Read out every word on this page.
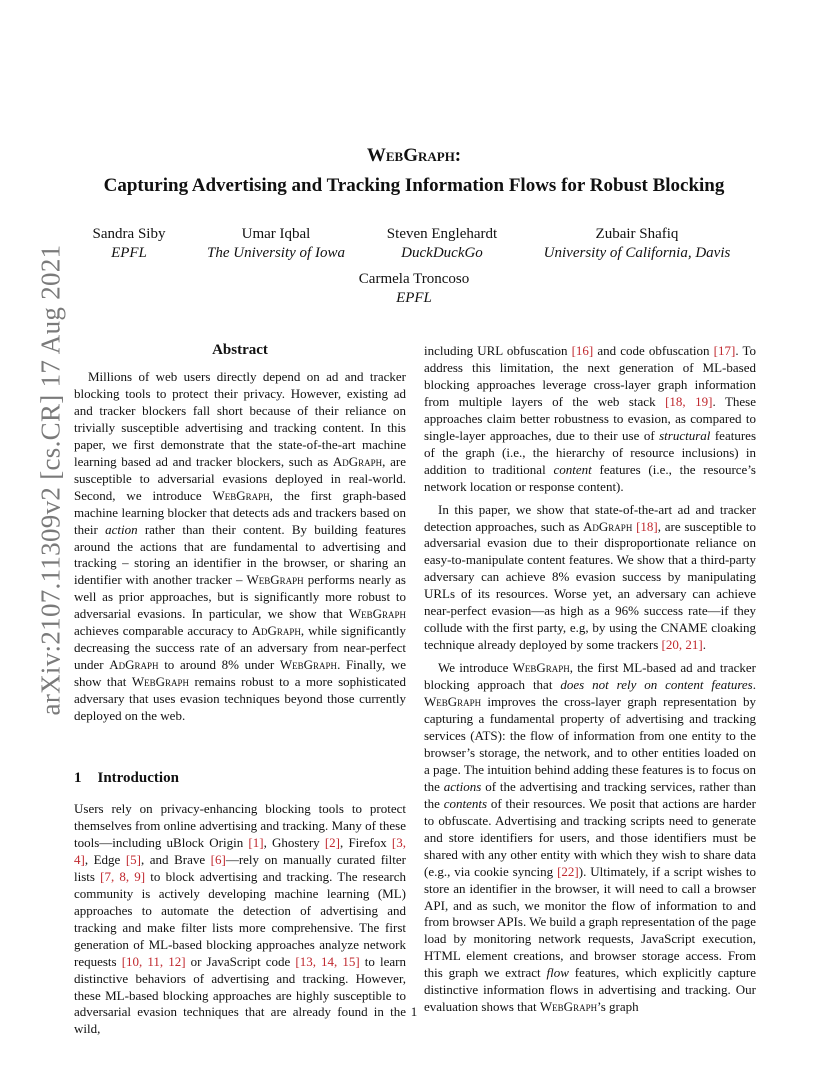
arXiv:2107.11309v2 [cs.CR] 17 Aug 2021
WebGraph:
Capturing Advertising and Tracking Information Flows for Robust Blocking
Sandra Siby
EPFL
Umar Iqbal
The University of Iowa
Steven Englehardt
DuckDuckGo
Zubair Shafiq
University of California, Davis
Carmela Troncoso
EPFL
Abstract

Millions of web users directly depend on ad and tracker blocking tools to protect their privacy. However, existing ad and tracker blockers fall short because of their reliance on trivially susceptible advertising and tracking content. In this paper, we first demonstrate that the state-of-the-art machine learning based ad and tracker blockers, such as AdGraph, are susceptible to adversarial evasions deployed in real-world. Second, we introduce WebGraph, the first graph-based machine learning blocker that detects ads and trackers based on their action rather than their content. By building features around the actions that are fundamental to advertising and tracking – storing an identifier in the browser, or sharing an identifier with another tracker – WebGraph performs nearly as well as prior approaches, but is significantly more robust to adversarial evasions. In particular, we show that WebGraph achieves comparable accuracy to AdGraph, while significantly decreasing the success rate of an adversary from near-perfect under AdGraph to around 8% under WebGraph. Finally, we show that WebGraph remains robust to a more sophisticated adversary that uses evasion techniques beyond those currently deployed on the web.

1 Introduction

Users rely on privacy-enhancing blocking tools to protect themselves from online advertising and tracking. Many of these tools—including uBlock Origin [1], Ghostery [2], Firefox [3, 4], Edge [5], and Brave [6]—rely on manually curated filter lists [7, 8, 9] to block advertising and tracking. The research community is actively developing machine learning (ML) approaches to automate the detection of advertising and tracking and make filter lists more comprehensive. The first generation of ML-based blocking approaches analyze network requests [10, 11, 12] or JavaScript code [13, 14, 15] to learn distinctive behaviors of advertising and tracking. However, these ML-based blocking approaches are highly susceptible to adversarial evasion techniques that are already found in the wild,

including URL obfuscation [16] and code obfuscation [17]. To address this limitation, the next generation of ML-based blocking approaches leverage cross-layer graph information from multiple layers of the web stack [18, 19]. These approaches claim better robustness to evasion, as compared to single-layer approaches, due to their use of structural features of the graph (i.e., the hierarchy of resource inclusions) in addition to traditional content features (i.e., the resource’s network location or response content).

In this paper, we show that state-of-the-art ad and tracker detection approaches, such as AdGraph [18], are susceptible to adversarial evasion due to their disproportionate reliance on easy-to-manipulate content features. We show that a third-party adversary can achieve 8% evasion success by manipulating URLs of its resources. Worse yet, an adversary can achieve near-perfect evasion—as high as a 96% success rate—if they collude with the first party, e.g, by using the CNAME cloaking technique already deployed by some trackers [20, 21].

We introduce WebGraph, the first ML-based ad and tracker blocking approach that does not rely on content features. WebGraph improves the cross-layer graph representation by capturing a fundamental property of advertising and tracking services (ATS): the flow of information from one entity to the browser’s storage, the network, and to other entities loaded on a page. The intuition behind adding these features is to focus on the actions of the advertising and tracking services, rather than the contents of their resources. We posit that actions are harder to obfuscate. Advertising and tracking scripts need to generate and store identifiers for users, and those identifiers must be shared with any other entity with which they wish to share data (e.g., via cookie syncing [22]). Ultimately, if a script wishes to store an identifier in the browser, it will need to call a browser API, and as such, we monitor the flow of information to and from browser APIs. We build a graph representation of the page load by monitoring network requests, JavaScript execution, HTML element creations, and browser storage access. From this graph we extract flow features, which explicitly capture distinctive information flows in advertising and tracking. Our evaluation shows that WebGraph’s graph

1
